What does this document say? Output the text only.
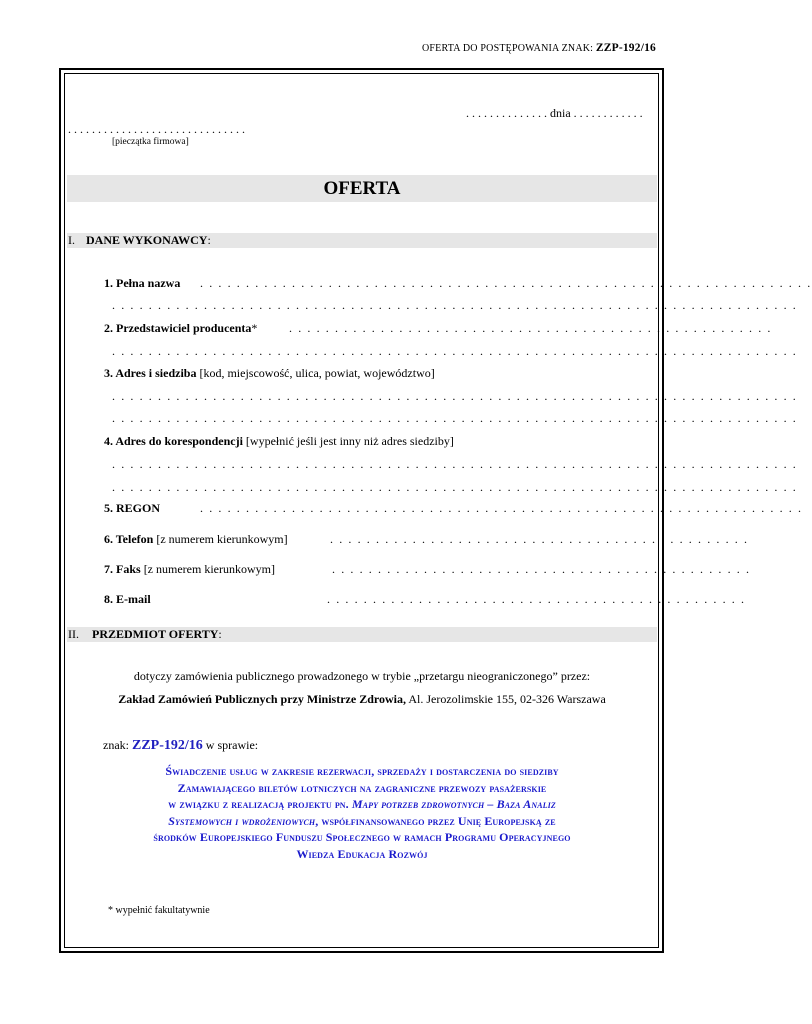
OFERTA DO POSTĘPOWANIA ZNAK: ZZP-192/16
. . . . . . . . . . . . . . dnia . . . . . . . . . . . .
. . . . . . . . . . . . . . . . . . . . . . . . . . . . . .
[pieczątka firmowa]
OFERTA
I. DANE WYKONAWCY:
1. Pełna nazwa . . . . . . . . . . . . . . . . . . . . . . . . . . . . . . . . . . . . . . . . . . . . . . . . . . . . . . . . . . . . . . . . . . .
. . . . . . . . . . . . . . . . . . . . . . . . . . . . . . . . . . . . . . . . . . . . . . . . . . . . . . . . . . . . . . . . . . . . . . . . . . .
2. Przedstawiciel producenta*	. . . . . . . . . . . . . . . . . . . . . . . . . . . . . . . . . . . . . . . . . . . . . . . . . . . . .
. . . . . . . . . . . . . . . . . . . . . . . . . . . . . . . . . . . . . . . . . . . . . . . . . . . . . . . . . . . . . . . . . . . . . . . . . . .
3. Adres i siedziba [kod, miejscowość, ulica, powiat, województwo]
. . . . . . . . . . . . . . . . . . . . . . . . . . . . . . . . . . . . . . . . . . . . . . . . . . . . . . . . . . . . . . . . . . . . . . . . . . .
. . . . . . . . . . . . . . . . . . . . . . . . . . . . . . . . . . . . . . . . . . . . . . . . . . . . . . . . . . . . . . . . . . . . . . . . . . .
4. Adres do korespondencji [wypełnić jeśli jest inny niż adres siedziby]
. . . . . . . . . . . . . . . . . . . . . . . . . . . . . . . . . . . . . . . . . . . . . . . . . . . . . . . . . . . . . . . . . . . . . . . . . . .
. . . . . . . . . . . . . . . . . . . . . . . . . . . . . . . . . . . . . . . . . . . . . . . . . . . . . . . . . . . . . . . . . . . . . . . . . . .
5. REGON	. . . . . . . . . . . . . . . . . . . . . . . . . . . . . . . . . . . . . . . . . . . . . . . . . . . . . . . . . . . . . . . . . .
6. Telefon [z numerem kierunkowym]	. . . . . . . . . . . . . . . . . . . . . . . . . . . . . . . . . . . . . . . . . . . . . .
7. Faks [z numerem kierunkowym]	. . . . . . . . . . . . . . . . . . . . . . . . . . . . . . . . . . . . . . . . . . . . . .
8. E-mail	. . . . . . . . . . . . . . . . . . . . . . . . . . . . . . . . . . . . . . . . . . . . . .
II. PRZEDMIOT OFERTY:
dotyczy zamówienia publicznego prowadzonego w trybie „przetargu nieograniczonego” przez:
Zakład Zamówień Publicznych przy Ministrze Zdrowia, Al. Jerozolimskie 155, 02-326 Warszawa
znak: ZZP-192/16 w sprawie:
Świadczenie usług w zakresie rezerwacji, sprzedaży i dostarczenia do siedziby
Zamawiającego biletów lotniczych na zagraniczne przewozy pasażerskie
w związku z realizacją projektu pn. Mapy potrzeb zdrowotnych – Baza Analiz
Systemowych i wdrożeniowych, współfinansowanego przez Unię Europejską ze
środków Europejskiego Funduszu Społecznego w ramach Programu Operacyjnego
Wiedza Edukacja Rozwój
* wypełnić fakultatywnie
